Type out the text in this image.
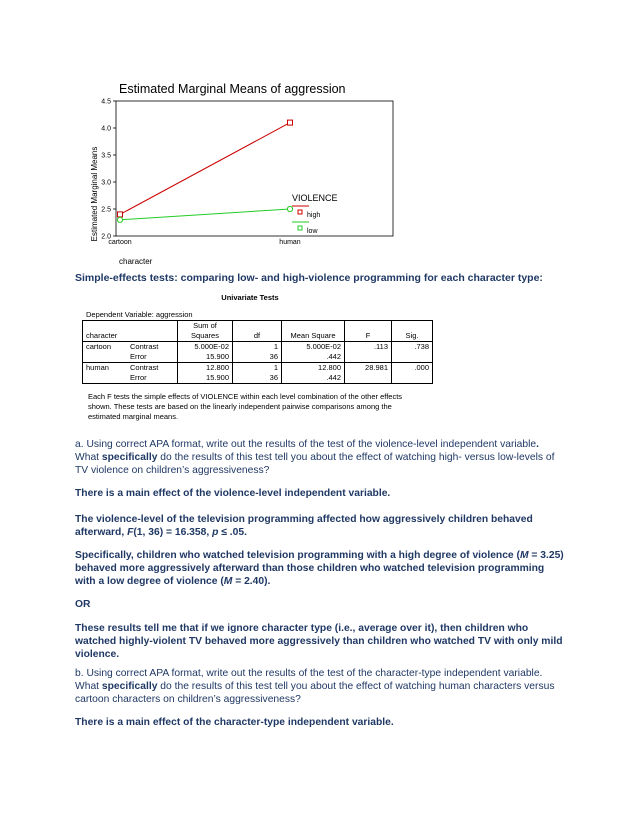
Estimated Marginal Means of aggression
4.5
4.0
3.5
3.0
2.5
2.0
cartoon	human
Estimated Marginal Means
character
VIOLENCE
high
low
Simple-effects tests: comparing low- and high-violence programming for each character type:
Univariate Tests
Dependent Variable: aggression
		Sum of				
character		Squares	df	Mean Square	F	Sig.
cartoon	Contrast	5.000E-02	1	5.000E-02	.113	.738
	Error	15.900	36	.442		
human	Contrast	12.800	1	12.800	28.981	.000
	Error	15.900	36	.442		
Each F tests the simple effects of VIOLENCE within each level combination of the other effects shown. These tests are based on the linearly independent pairwise comparisons among the estimated marginal means.
a. Using correct APA format, write out the results of the test of the violence-level independent variable.
What specifically do the results of this test tell you about the effect of watching high- versus low-levels of TV violence on children’s aggressiveness?
There is a main effect of the violence-level independent variable.
The violence-level of the television programming affected how aggressively children behaved afterward, F(1, 36) = 16.358, p ≤ .05.
Specifically, children who watched television programming with a high degree of violence (M = 3.25) behaved more aggressively afterward than those children who watched television programming with a low degree of violence (M = 2.40).
OR
These results tell me that if we ignore character type (i.e., average over it), then children who watched highly-violent TV behaved more aggressively than children who watched TV with only mild violence.
b. Using correct APA format, write out the results of the test of the character-type independent variable.
What specifically do the results of this test tell you about the effect of watching human characters versus cartoon characters on children’s aggressiveness?
There is a main effect of the character-type independent variable.
